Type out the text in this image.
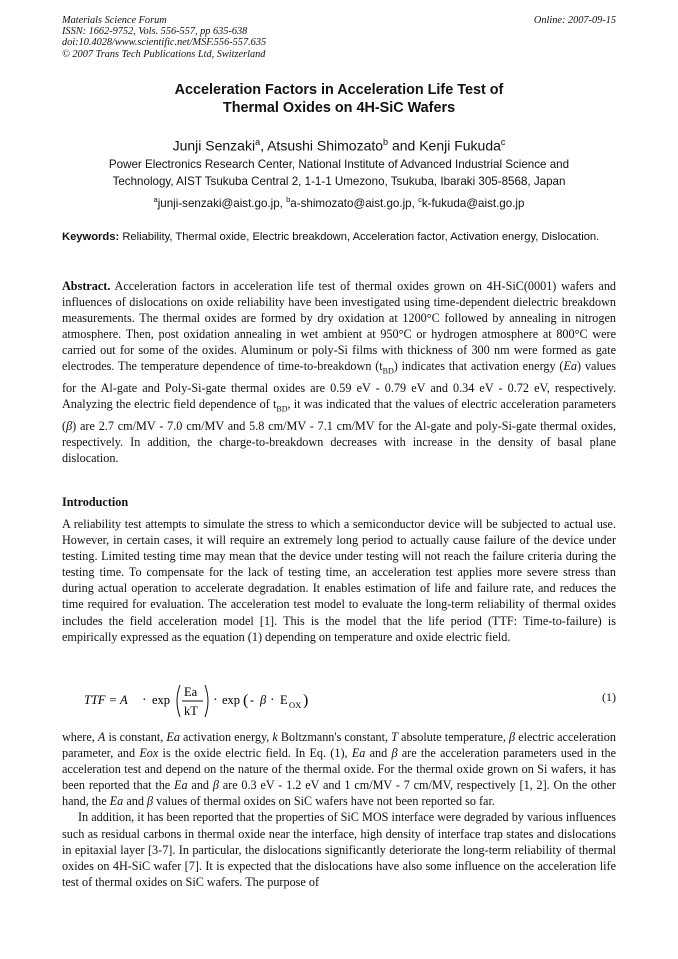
Materials Science Forum
ISSN: 1662-9752, Vols. 556-557, pp 635-638
doi:10.4028/www.scientific.net/MSF.556-557.635
© 2007 Trans Tech Publications Ltd, Switzerland
Online: 2007-09-15
Acceleration Factors in Acceleration Life Test of
Thermal Oxides on 4H-SiC Wafers
Junji Senzaki$^a$, Atsushi Shimozato$^b$ and Kenji Fukuda$^c$
Power Electronics Research Center, National Institute of Advanced Industrial Science and
Technology, AIST Tsukuba Central 2, 1-1-1 Umezono, Tsukuba, Ibaraki 305-8568, Japan
$^a$junji-senzaki@aist.go.jp, $^b$a-shimozato@aist.go.jp, $^c$k-fukuda@aist.go.jp
Keywords: Reliability, Thermal oxide, Electric breakdown, Acceleration factor, Activation energy, Dislocation.
Abstract. Acceleration factors in acceleration life test of thermal oxides grown on 4H-SiC(0001) wafers and influences of dislocations on oxide reliability have been investigated using time-dependent dielectric breakdown measurements. The thermal oxides are formed by dry oxidation at 1200°C followed by annealing in nitrogen atmosphere. Then, post oxidation annealing in wet ambient at 950°C or hydrogen atmosphere at 800°C were carried out for some of the oxides. Aluminum or poly-Si films with thickness of 300 nm were formed as gate electrodes. The temperature dependence of time-to-breakdown $(t_{BD})$ indicates that activation energy (Ea) values for the Al-gate and Poly-Si-gate thermal oxides are 0.59 eV - 0.79 eV and 0.34 eV - 0.72 eV, respectively. Analyzing the electric field dependence of $t_{BD}$, it was indicated that the values of electric acceleration parameters (β) are 2.7 cm/MV - 7.0 cm/MV and 5.8 cm/MV - 7.1 cm/MV for the Al-gate and poly-Si-gate thermal oxides, respectively. In addition, the charge-to-breakdown decreases with increase in the density of basal plane dislocation.
Introduction
A reliability test attempts to simulate the stress to which a semiconductor device will be subjected to actual use. However, in certain cases, it will require an extremely long period to actually cause failure of the device under testing. Limited testing time may mean that the device under testing will not reach the failure criteria during the testing time. To compensate for the lack of testing time, an acceleration test applies more severe stress than during actual operation to accelerate degradation. It enables estimation of life and failure rate, and reduces the time required for evaluation. The acceleration test model to evaluate the long-term reliability of thermal oxides includes the field acceleration model [1]. This is the model that the life period (TTF: Time-to-failure) is empirically expressed as the equation (1) depending on temperature and oxide electric field.
TTF = A · exp
Ea
kT
· exp ( - β · E OX )	(1)

where, A is constant, Ea activation energy, k Boltzmann's constant, T absolute temperature, β electric acceleration parameter, and Eox is the oxide electric field. In Eq. (1), Ea and β are the acceleration parameters used in the acceleration test and depend on the nature of the thermal oxide. For the thermal oxide grown on Si wafers, it has been reported that the Ea and β are 0.3 eV - 1.2 eV and 1 cm/MV - 7 cm/MV, respectively [1, 2]. On the other hand, the Ea and β values of thermal oxides on SiC wafers have not been reported so far.

In addition, it has been reported that the properties of SiC MOS interface were degraded by various influences such as residual carbons in thermal oxide near the interface, high density of interface trap states and dislocations in epitaxial layer [3-7]. In particular, the dislocations significantly deteriorate the long-term reliability of thermal oxides on 4H-SiC wafer [7]. It is expected that the dislocations have also some influence on the acceleration life test of thermal oxides on SiC wafers. The purpose of
